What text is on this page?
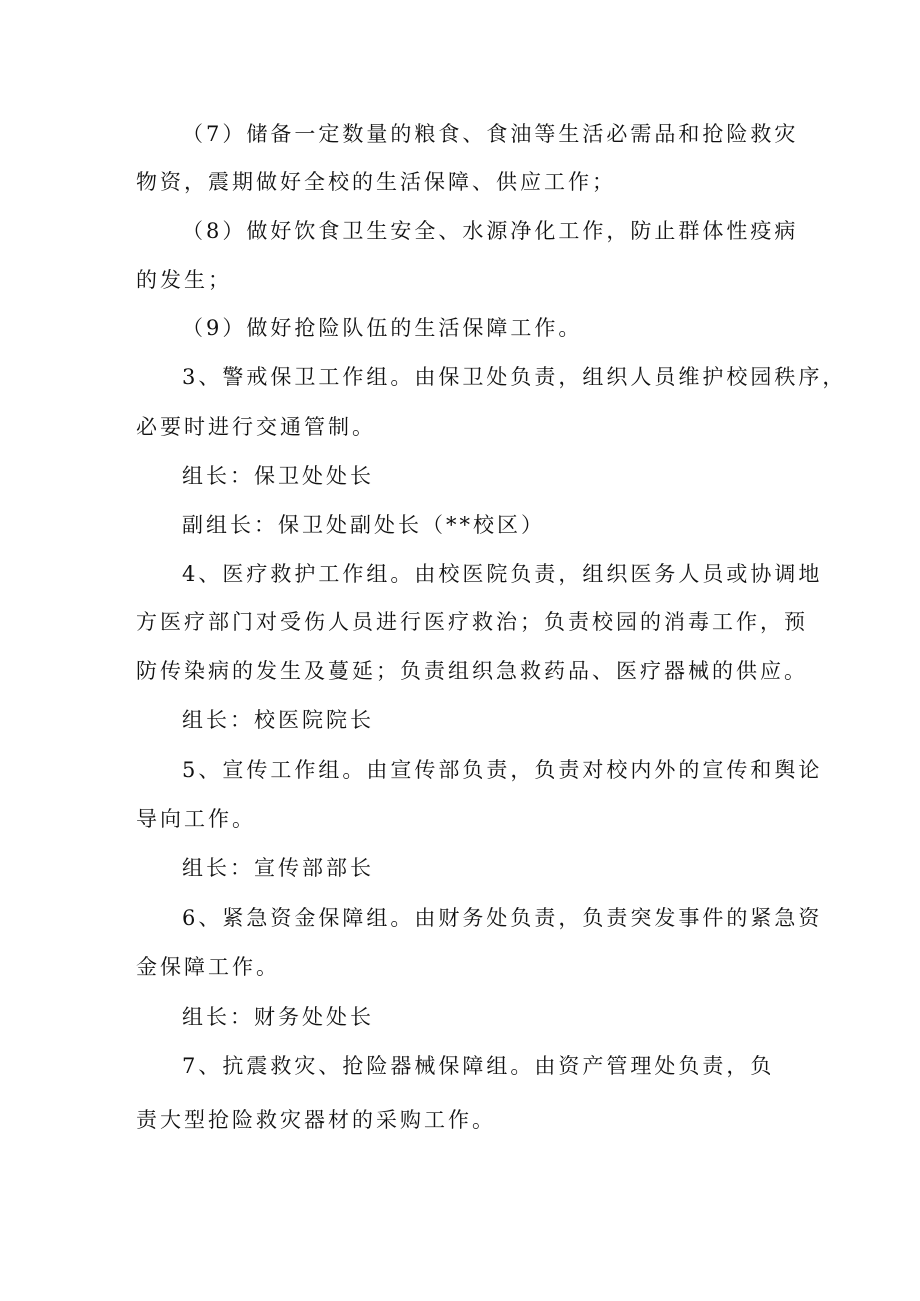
（7）储备一定数量的粮食、食油等生活必需品和抢险救灾
物资，震期做好全校的生活保障、供应工作；
（8）做好饮食卫生安全、水源净化工作，防止群体性疫病
的发生；
（9）做好抢险队伍的生活保障工作。
3、警戒保卫工作组。由保卫处负责，组织人员维护校园秩序，
必要时进行交通管制。
组长：保卫处处长
副组长：保卫处副处长（**校区）
4、医疗救护工作组。由校医院负责，组织医务人员或协调地
方医疗部门对受伤人员进行医疗救治；负责校园的消毒工作，预
防传染病的发生及蔓延；负责组织急救药品、医疗器械的供应。
组长：校医院院长
5、宣传工作组。由宣传部负责，负责对校内外的宣传和舆论
导向工作。
组长：宣传部部长
6、紧急资金保障组。由财务处负责，负责突发事件的紧急资
金保障工作。
组长：财务处处长
7、抗震救灾、抢险器械保障组。由资产管理处负责，负
责大型抢险救灾器材的采购工作。
